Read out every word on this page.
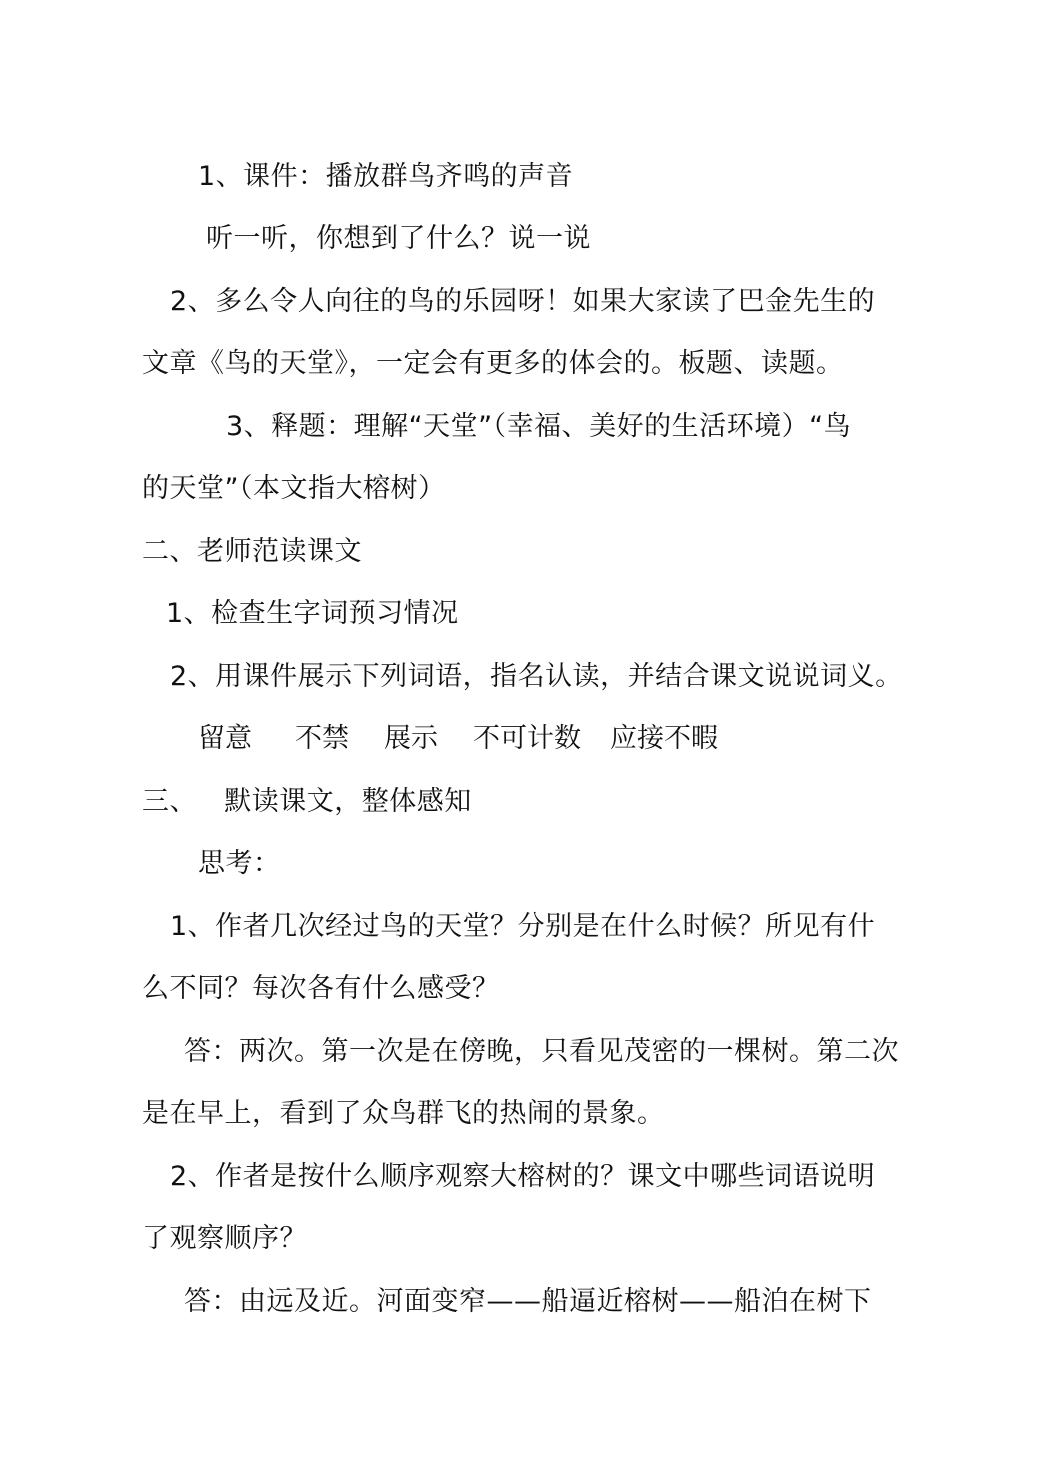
1、课件：播放群鸟齐鸣的声音
听一听，你想到了什么？说一说
2、多么令人向往的鸟的乐园呀！如果大家读了巴金先生的
文章《鸟的天堂》，一定会有更多的体会的。板题、读题。
3、释题：理解“天堂”（幸福、美好的生活环境）“鸟
的天堂”（本文指大榕树）
二、老师范读课文
1、检查生字词预习情况
2、用课件展示下列词语，指名认读，并结合课文说说词义。
留意 不禁 展示 不可计数 应接不暇
三、   默读课文，整体感知
思考：
1、作者几次经过鸟的天堂？分别是在什么时候？所见有什
么不同？每次各有什么感受？
答：两次。第一次是在傍晚，只看见茂密的一棵树。第二次
是在早上，看到了众鸟群飞的热闹的景象。
2、作者是按什么顺序观察大榕树的？课文中哪些词语说明
了观察顺序？
答：由远及近。河面变窄——船逼近榕树——船泊在树下
